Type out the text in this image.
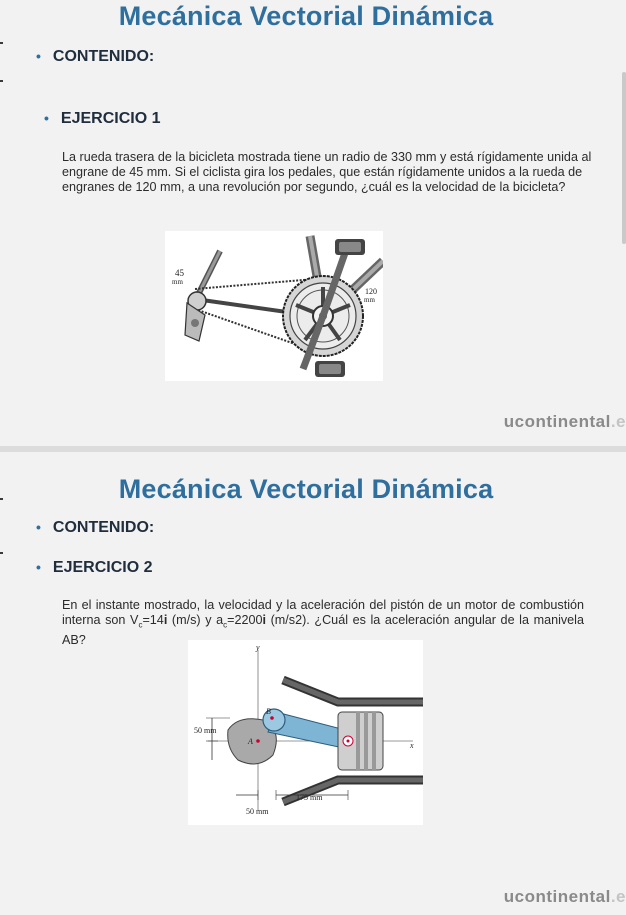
Mecánica Vectorial Dinámica
• CONTENIDO:
• EJERCICIO 1
La rueda trasera de la bicicleta mostrada tiene un radio de 330 mm y está rígidamente unida al engrane de 45 mm. Si el ciclista gira los pedales, que están rígidamente unidos a la rueda de engranes de 120 mm, a una revolución por segundo, ¿cuál es la velocidad de la bicicleta?
45
mm
120
mm
ucontinental.e
Mecánica Vectorial Dinámica
• CONTENIDO:
• EJERCICIO 2
En el instante mostrado, la velocidad y la aceleración del pistón de un motor de combustión interna son $V_c=14i$ (m/s) y $a_c=2200i$ (m/s2). ¿Cuál es la aceleración angular de la manivela AB?
y
x
B
A
50 mm
175 mm
50 mm
ucontinental.e
